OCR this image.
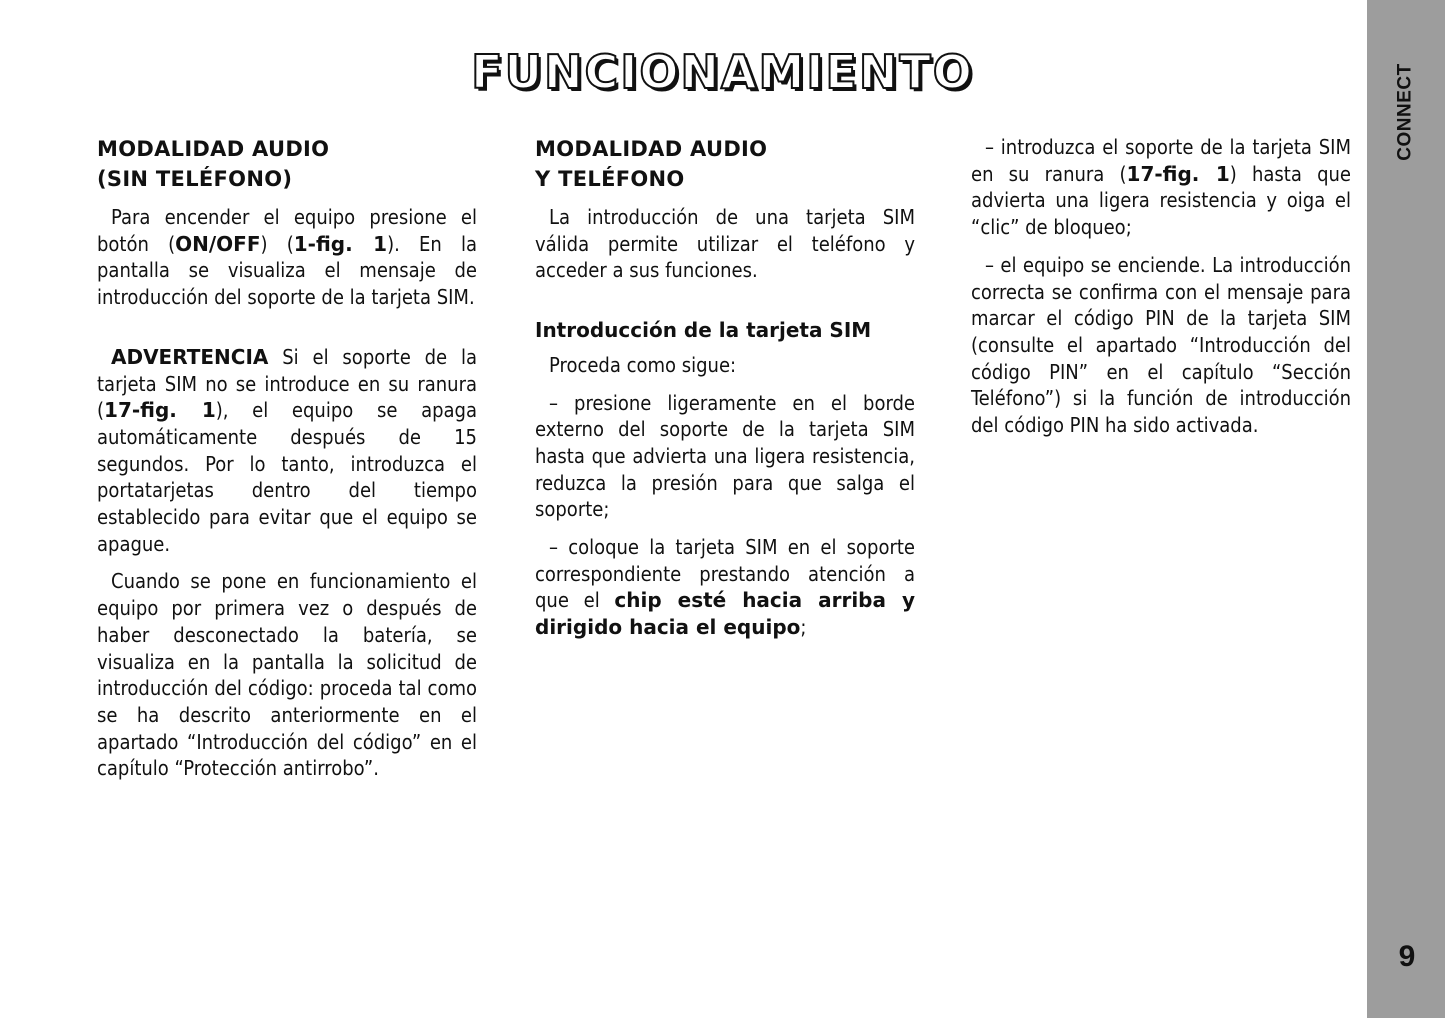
CONNECT
9
FUNCIONAMIENTO
MODALIDAD AUDIO
(SIN TELÉFONO)

Para encender el equipo presione el botón (ON/OFF) (1-fig. 1). En la pantalla se visualiza el mensaje de introducción del soporte de la tarjeta SIM.

ADVERTENCIA Si el soporte de la tarjeta SIM no se introduce en su ranura (17-fig. 1), el equipo se apaga automáticamente después de 15 segundos. Por lo tanto, introduzca el portatarjetas dentro del tiempo establecido para evitar que el equipo se apague.

Cuando se pone en funcionamiento el equipo por primera vez o después de haber desconectado la batería, se visualiza en la pantalla la solicitud de introducción del código: proceda tal como se ha descrito anteriormente en el apartado “Introducción del código” en el capítulo “Protección antirrobo”.

MODALIDAD AUDIO
Y TELÉFONO

La introducción de una tarjeta SIM válida permite utilizar el teléfono y acceder a sus funciones.

Introducción de la tarjeta SIM

Proceda como sigue:

– presione ligeramente en el borde externo del soporte de la tarjeta SIM hasta que advierta una ligera resistencia, reduzca la presión para que salga el soporte;

– coloque la tarjeta SIM en el soporte correspondiente prestando atención a que el chip esté hacia arriba y dirigido hacia el equipo;

– introduzca el soporte de la tarjeta SIM en su ranura (17-fig. 1) hasta que advierta una ligera resistencia y oiga el “clic” de bloqueo;

– el equipo se enciende. La introducción correcta se confirma con el mensaje para marcar el código PIN de la tarjeta SIM (consulte el apartado “Introducción del código PIN” en el capítulo “Sección Teléfono”) si la función de introducción del código PIN ha sido activada.
